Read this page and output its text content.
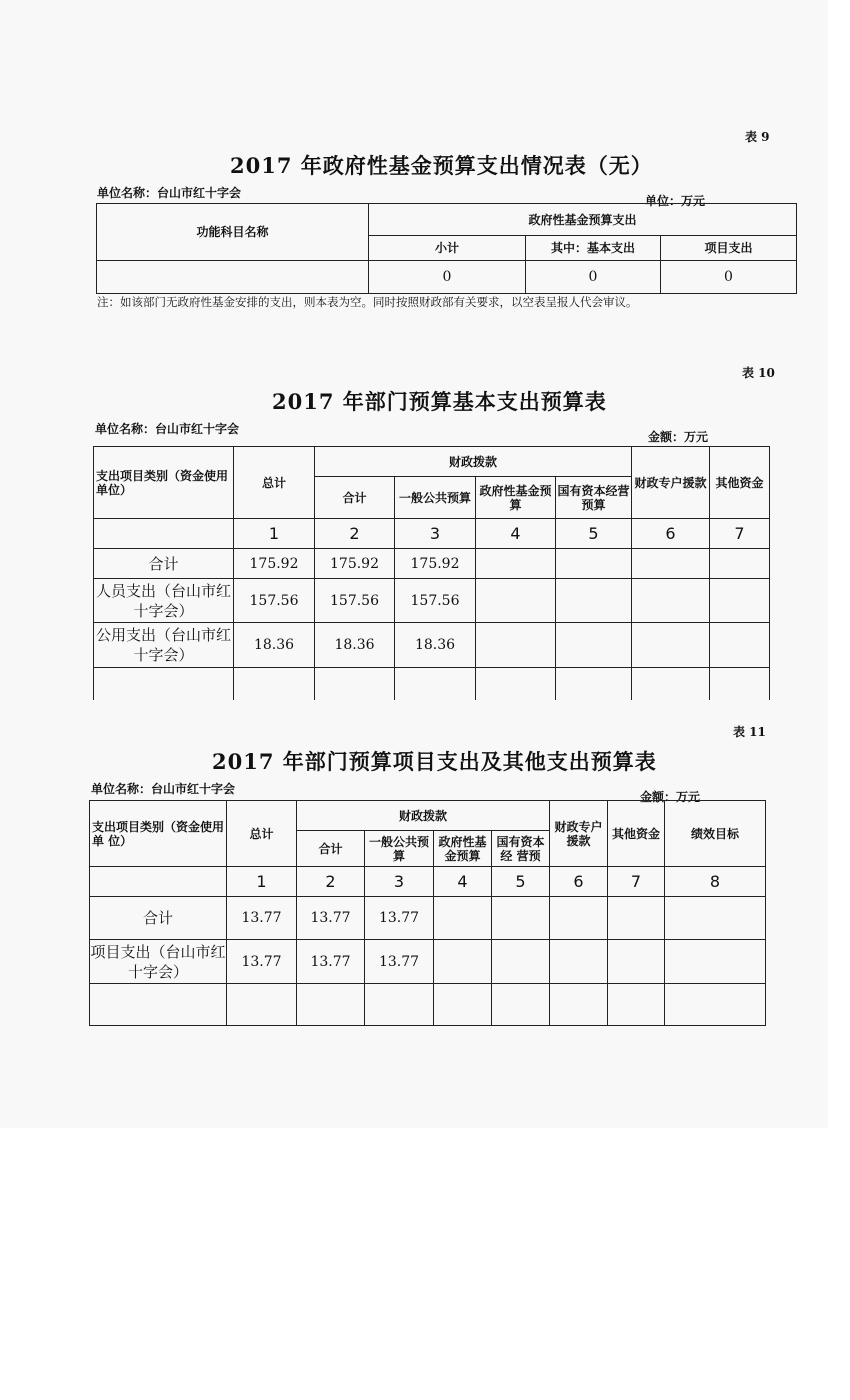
表 9
2017 年政府性基金预算支出情况表（无）
单位名称：台山市红十字会
单位：万元
功能科目名称	政府性基金预算支出		
	小计	其中：基本支出	项目支出
	0	0	0
注：如该部门无政府性基金安排的支出，则本表为空。同时按照财政部有关要求，以空表呈报人代会审议。
表 10
2017 年部门预算基本支出预算表
单位名称：台山市红十字会
金额：万元
支出项目类别（资金使用单位）	总计	财政拨款				财政专户援款	其他资金
		合计	一般公共预算	政府性基金预算	国有资本经营预算		
	1	2	3	4	5	6	7
合计	175.92	175.92	175.92				
人员支出（台山市红十字会）	157.56	157.56	157.56				
公用支出（台山市红十字会）	18.36	18.36	18.36				

表 11
2017 年部门预算项目支出及其他支出预算表
单位名称：台山市红十字会
金额：万元
支出项目类别（资金使用单 位）	总计	财政拨款				财政专户援款	其他资金	绩效目标
		合计	一般公共预算	政府性基金预算	国有资本经 营预			
	1	2	3	4	5	6	7	8
合计	13.77	13.77	13.77					
项目支出（台山市红十字会）	13.77	13.77	13.77					
